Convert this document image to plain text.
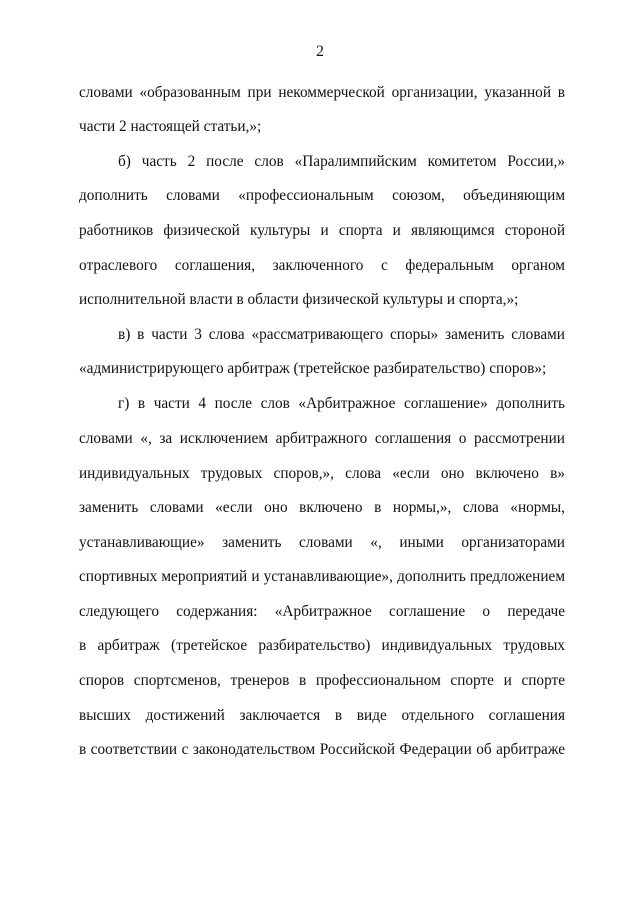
2
словами «образованным при некоммерческой организации, указанной в
части 2 настоящей статьи,»;
б) часть 2 после слов «Паралимпийским комитетом России,»
дополнить словами «профессиональным союзом, объединяющим
работников физической культуры и спорта и являющимся стороной
отраслевого соглашения, заключенного с федеральным органом
исполнительной власти в области физической культуры и спорта,»;
в) в части 3 слова «рассматривающего споры» заменить словами
«администрирующего арбитраж (третейское разбирательство) споров»;
г) в части 4 после слов «Арбитражное соглашение» дополнить
словами «, за исключением арбитражного соглашения о рассмотрении
индивидуальных трудовых споров,», слова «если оно включено в»
заменить словами «если оно включено в нормы,», слова «нормы,
устанавливающие» заменить словами «, иными организаторами
спортивных мероприятий и устанавливающие», дополнить предложением
следующего содержания: «Арбитражное соглашение о передаче
в арбитраж (третейское разбирательство) индивидуальных трудовых
споров спортсменов, тренеров в профессиональном спорте и спорте
высших достижений заключается в виде отдельного соглашения
в соответствии с законодательством Российской Федерации об арбитраже
